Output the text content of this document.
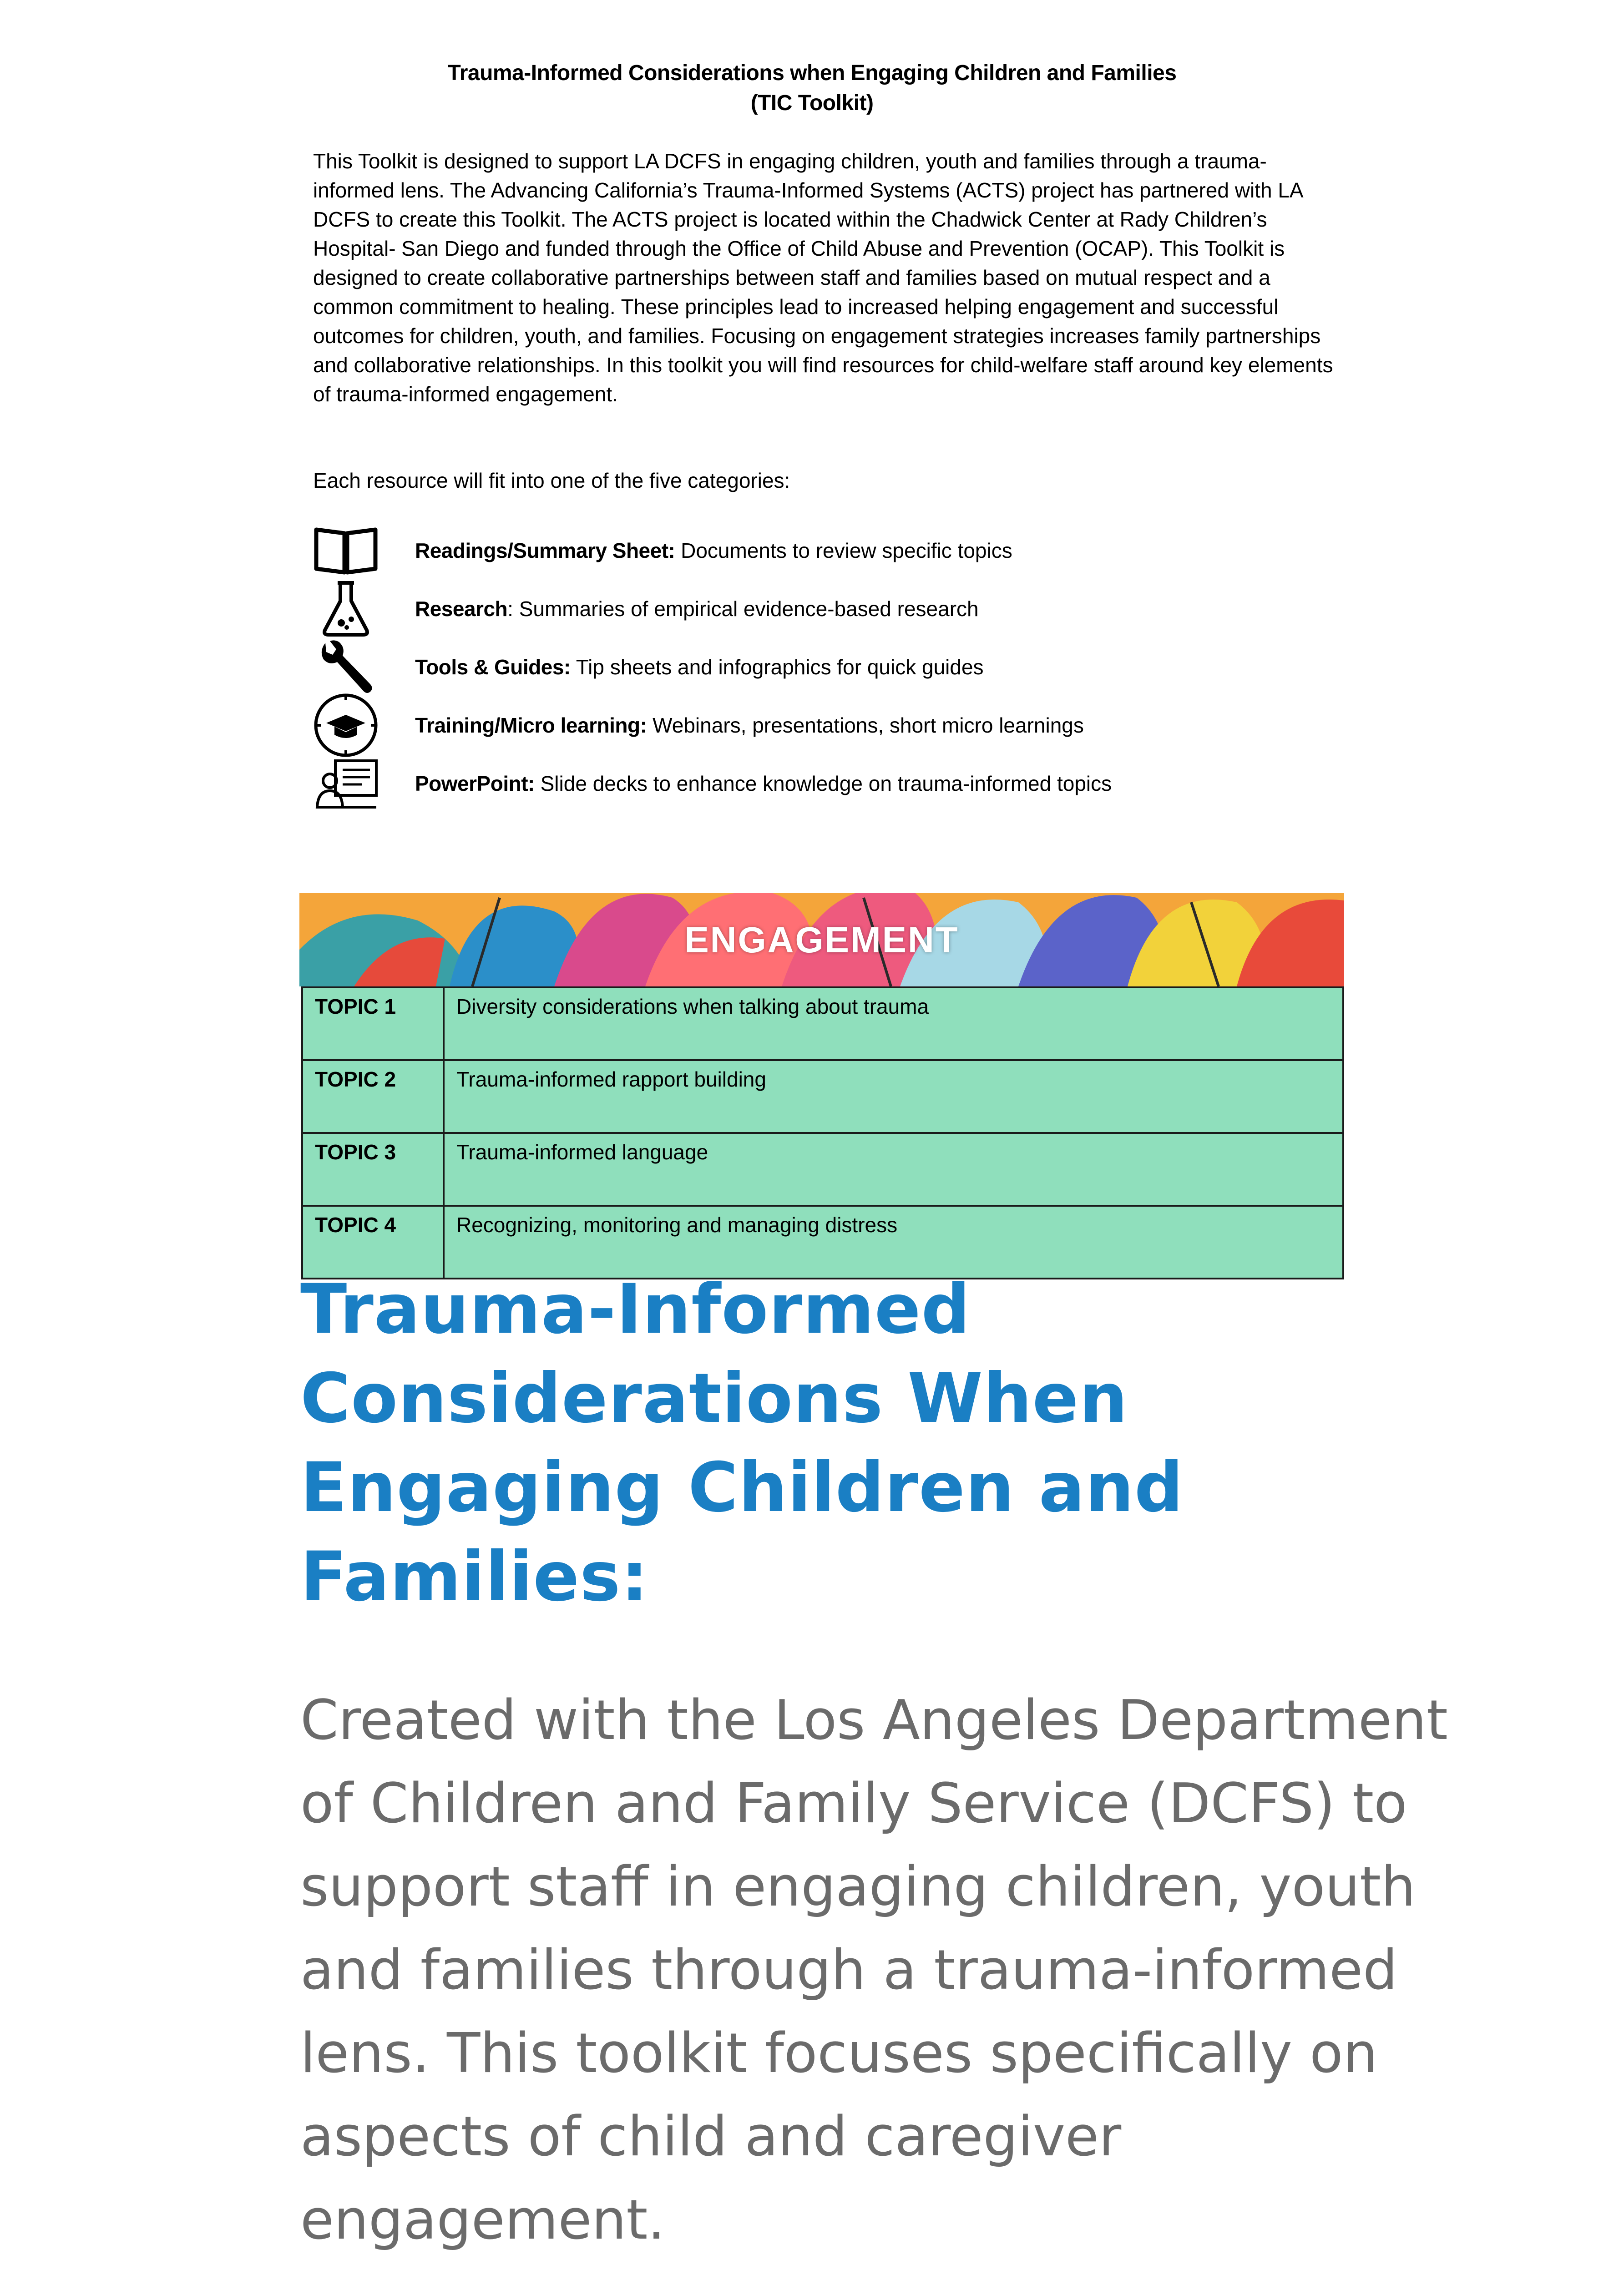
Trauma-Informed Considerations when Engaging Children and Families
(TIC Toolkit)

This Toolkit is designed to support LA DCFS in engaging children, youth and families through a trauma-informed lens. The Advancing California’s Trauma-Informed Systems (ACTS) project has partnered with LA DCFS to create this Toolkit. The ACTS project is located within the Chadwick Center at Rady Children’s Hospital- San Diego and funded through the Office of Child Abuse and Prevention (OCAP). This Toolkit is designed to create collaborative partnerships between staff and families based on mutual respect and a common commitment to healing. These principles lead to increased helping engagement and successful outcomes for children, youth, and families. Focusing on engagement strategies increases family partnerships and collaborative relationships. In this toolkit you will find resources for child-welfare staff around key elements of trauma-informed engagement.

Each resource will fit into one of the five categories:

Readings/Summary Sheet: Documents to review specific topics
Research: Summaries of empirical evidence-based research
Tools & Guides: Tip sheets and infographics for quick guides
Training/Micro learning: Webinars, presentations, short micro learnings
PowerPoint: Slide decks to enhance knowledge on trauma-informed topics
ENGAGEMENT
TOPIC 1	Diversity considerations when talking about trauma
TOPIC 2	Trauma-informed rapport building
TOPIC 3	Trauma-informed language
TOPIC 4	Recognizing, monitoring and managing distress
Trauma-Informed Considerations When Engaging Children and Families:

Created with the Los Angeles Department of Children and Family Service (DCFS) to support staff in engaging children, youth and families through a trauma-informed lens. This toolkit focuses specifically on aspects of child and caregiver engagement.
